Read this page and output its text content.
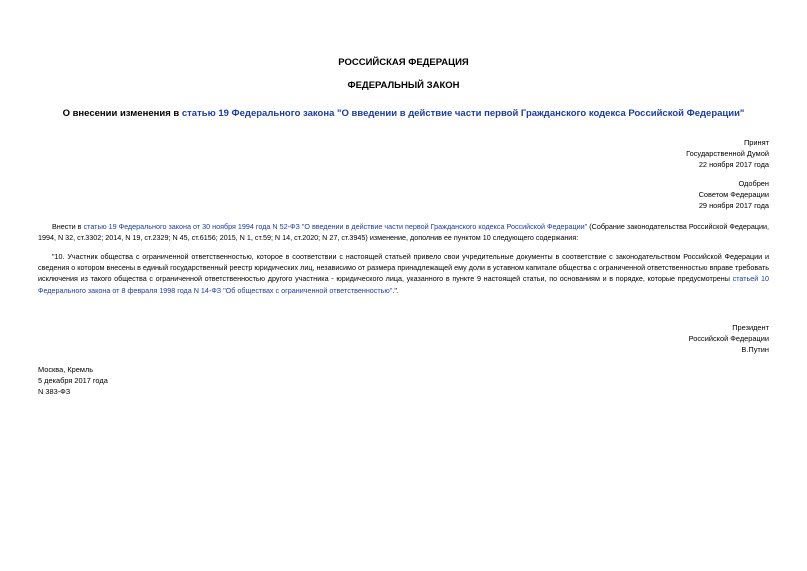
РОССИЙСКАЯ ФЕДЕРАЦИЯ
ФЕДЕРАЛЬНЫЙ ЗАКОН
О внесении изменения в статью 19 Федерального закона "О введении в действие части первой Гражданского кодекса Российской Федерации"
Принят
Государственной Думой
22 ноября 2017 года
Одобрен
Советом Федерации
29 ноября 2017 года
Внести в статью 19 Федерального закона от 30 ноября 1994 года N 52-ФЗ "О введении в действие части первой Гражданского кодекса Российской Федерации" (Собрание законодательства Российской Федерации, 1994, N 32, ст.3302; 2014, N 19, ст.2329; N 45, ст.6156; 2015, N 1, ст.59; N 14, ст.2020; N 27, ст.3945) изменение, дополнив ее пунктом 10 следующего содержания:
"10. Участник общества с ограниченной ответственностью, которое в соответствии с настоящей статьей привело свои учредительные документы в соответствие с законодательством Российской Федерации и сведения о котором внесены в единый государственный реестр юридических лиц, независимо от размера принадлежащей ему доли в уставном капитале общества с ограниченной ответственностью вправе требовать исключения из такого общества с ограниченной ответственностью другого участника - юридического лица, указанного в пункте 9 настоящей статьи, по основаниям и в порядке, которые предусмотрены статьей 10 Федерального закона от 8 февраля 1998 года N 14-ФЗ "Об обществах с ограниченной ответственностью".".
Президент
Российской Федерации
В.Путин
Москва, Кремль
5 декабря 2017 года
N 383-ФЗ
